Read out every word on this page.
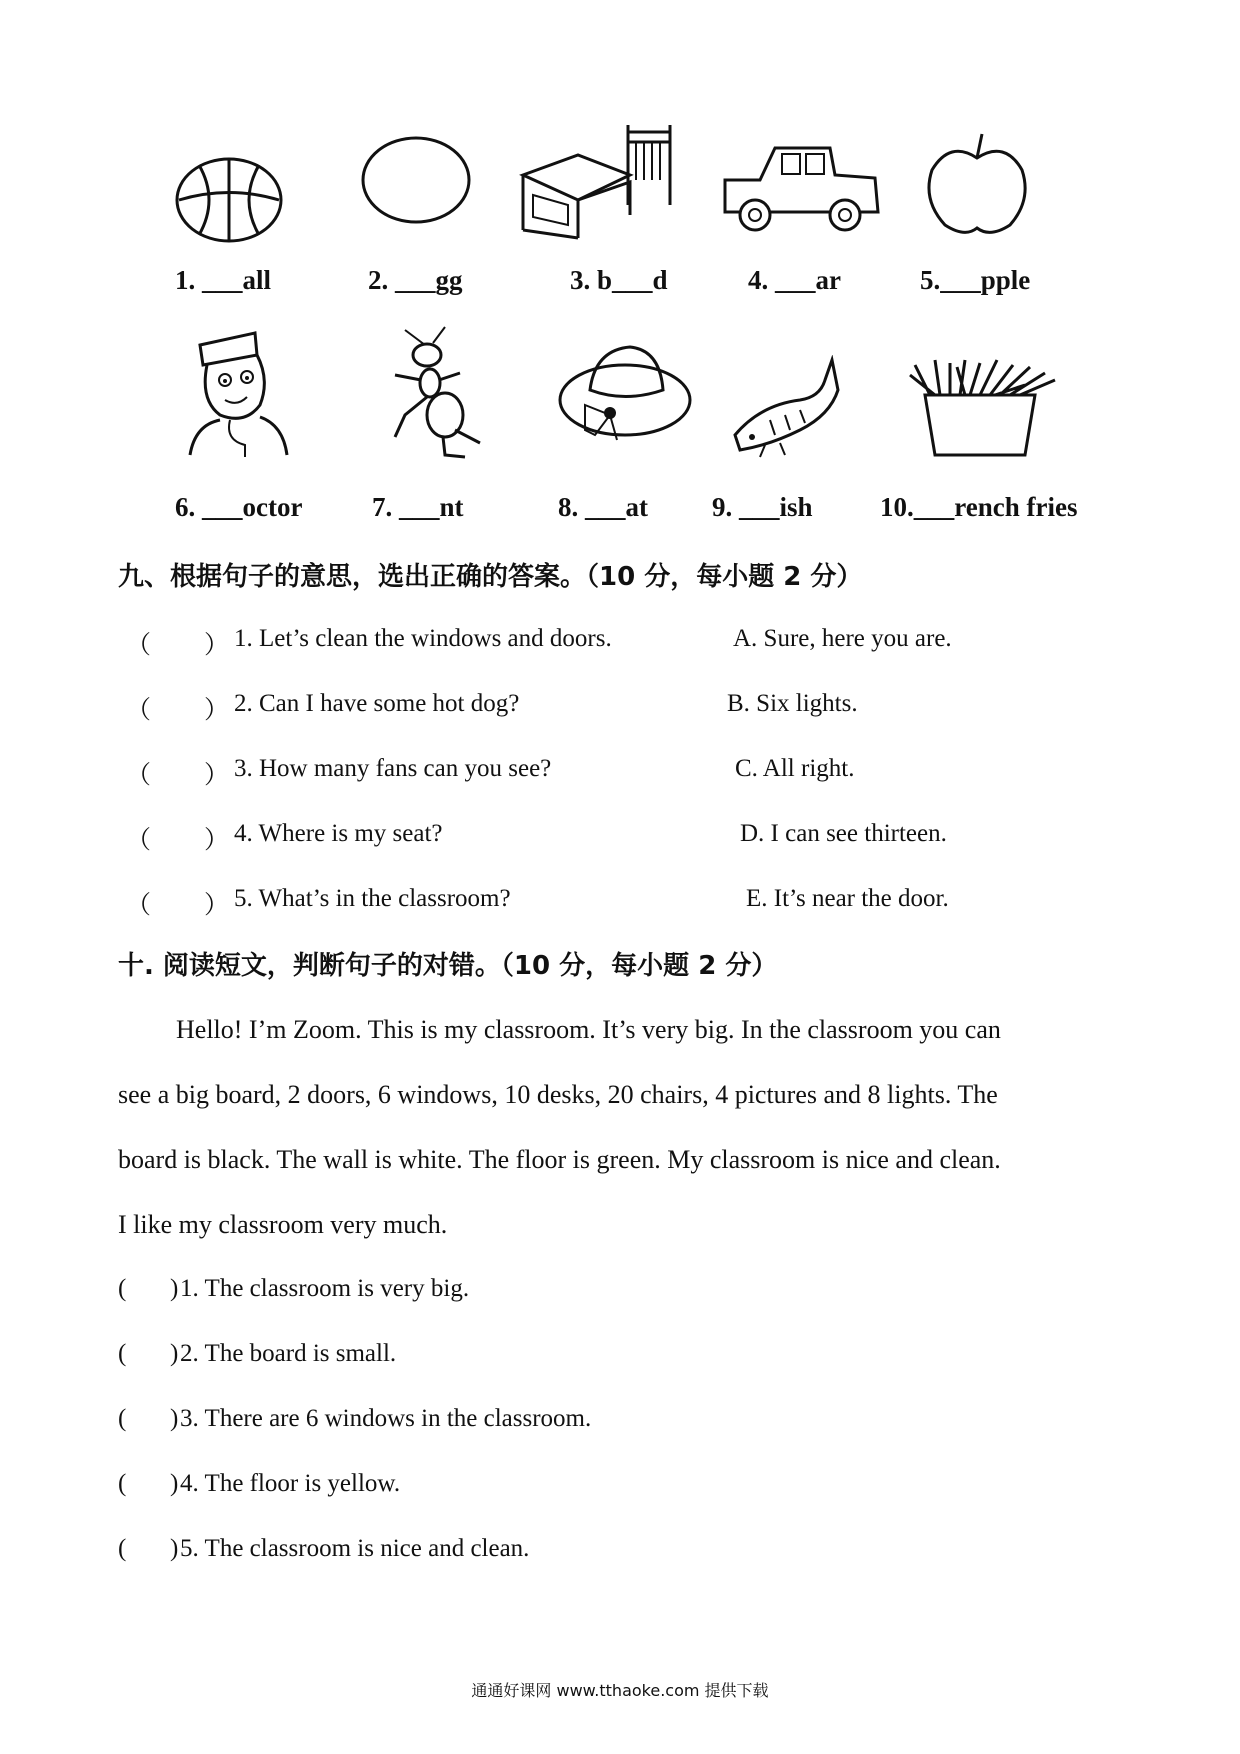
1. ___all	2. ___gg	3. b___d	4. ___ar	5.___pple
6. ___octor	7. ___nt	8. ___at 9. ___ish 10.___rench fries
九、根据句子的意思，选出正确的答案。（10 分，每小题 2 分）
（ ） 1. Let’s clean the windows and doors.	A. Sure, here you are.
（ ） 2. Can I have some hot dog?	B. Six lights.
（ ） 3. How many fans can you see?	C. All right.
（ ） 4. Where is my seat?	D. I can see thirteen.
（ ） 5. What’s in the classroom?	E. It’s near the door.
十. 阅读短文，判断句子的对错。（10 分，每小题 2 分）
Hello! I’m Zoom. This is my classroom. It’s very big. In the classroom you can
see a big board, 2 doors, 6 windows, 10 desks, 20 chairs, 4 pictures and 8 lights. The
board is black. The wall is white. The floor is green. My classroom is nice and clean.
I like my classroom very much.
( ) 1. The classroom is very big.
( ) 2. The board is small.
( ) 3. There are 6 windows in the classroom.
( ) 4. The floor is yellow.
( ) 5. The classroom is nice and clean.
通通好课网 www.tthaoke.com 提供下载
